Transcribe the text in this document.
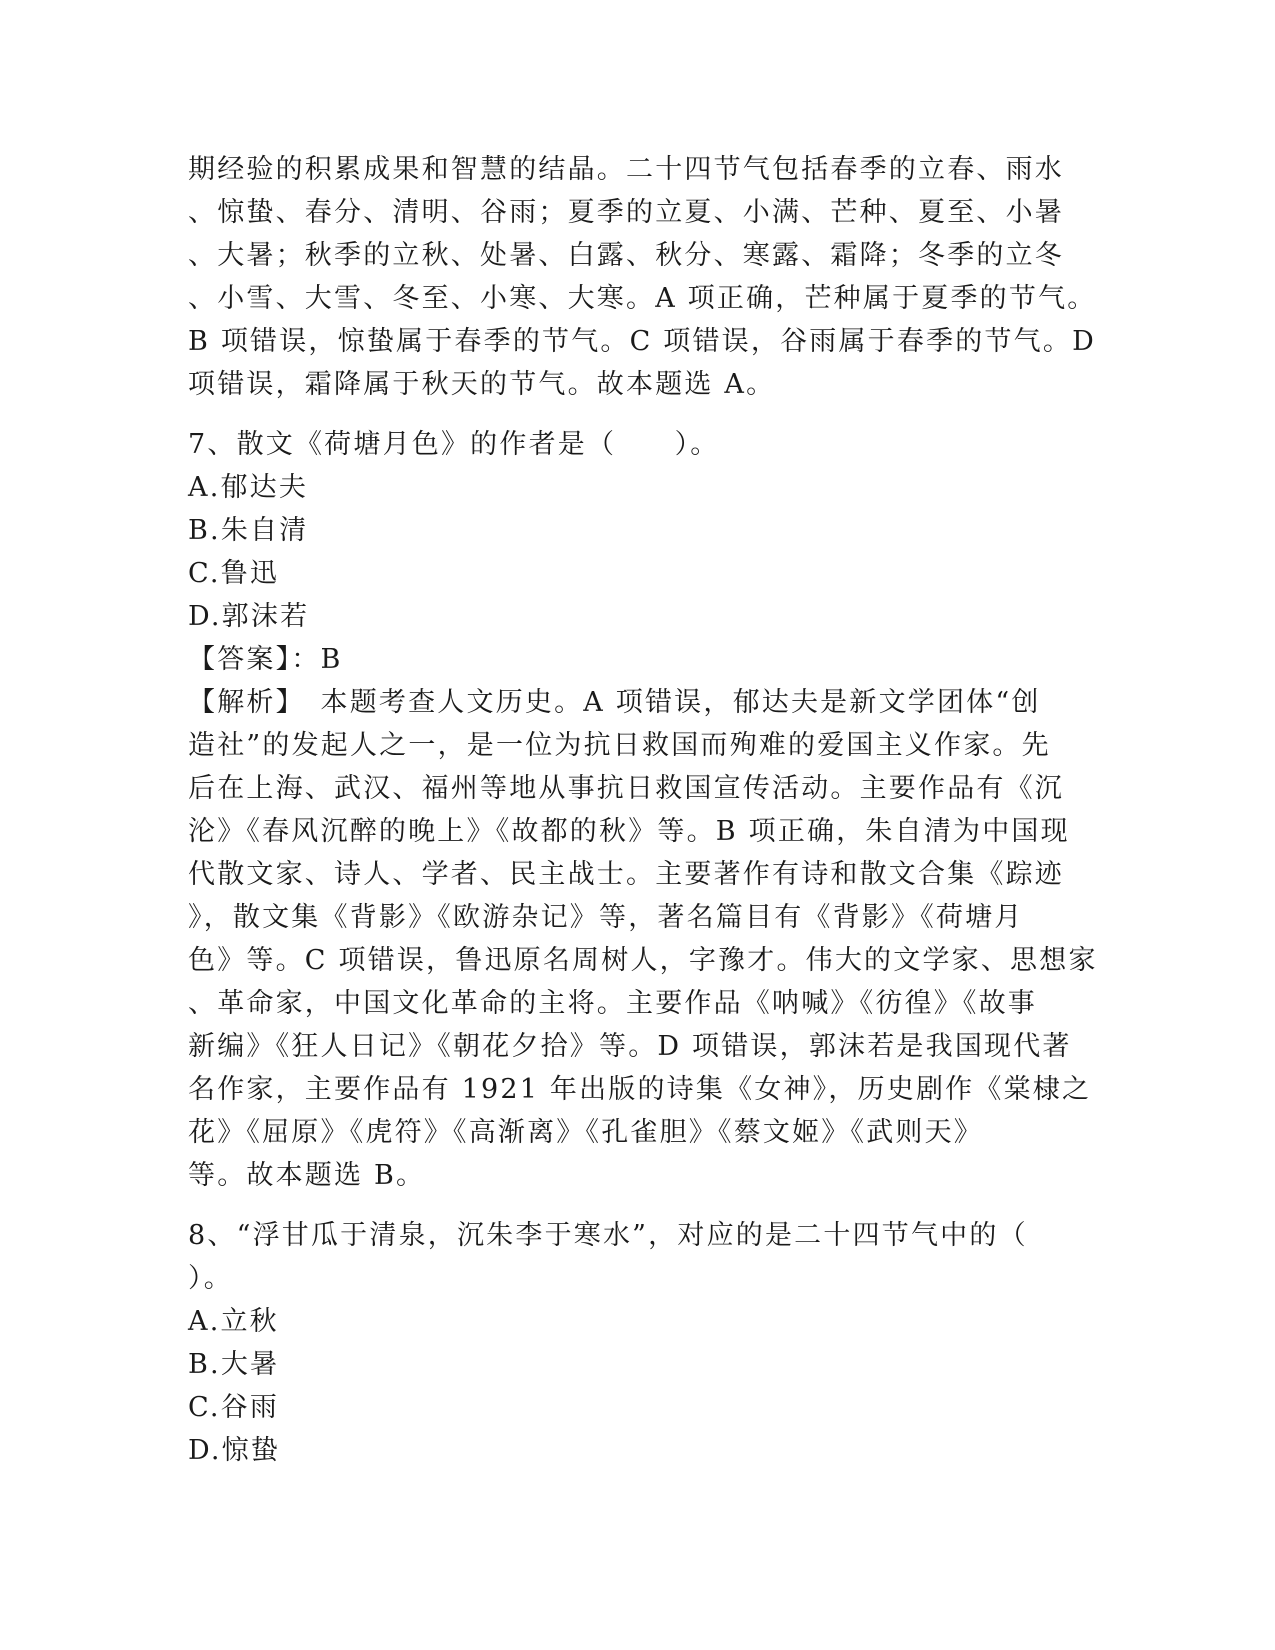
期经验的积累成果和智慧的结晶。二十四节气包括春季的立春、雨水

、惊蛰、春分、清明、谷雨；夏季的立夏、小满、芒种、夏至、小暑

、大暑；秋季的立秋、处暑、白露、秋分、寒露、霜降；冬季的立冬

、小雪、大雪、冬至、小寒、大寒。A 项正确，芒种属于夏季的节气。

B 项错误，惊蛰属于春季的节气。C 项错误，谷雨属于春季的节气。D

项错误，霜降属于秋天的节气。故本题选 A。

7、散文《荷塘月色》的作者是（　　）。

A.郁达夫

B.朱自清

C.鲁迅

D.郭沫若

【答案】：B

【解析】　本题考查人文历史。A 项错误，郁达夫是新文学团体“创

造社”的发起人之一，是一位为抗日救国而殉难的爱国主义作家。先

后在上海、武汉、福州等地从事抗日救国宣传活动。主要作品有《沉

沦》《春风沉醉的晚上》《故都的秋》等。B 项正确，朱自清为中国现

代散文家、诗人、学者、民主战士。主要著作有诗和散文合集《踪迹

》，散文集《背影》《欧游杂记》等，著名篇目有《背影》《荷塘月

色》等。C 项错误，鲁迅原名周树人，字豫才。伟大的文学家、思想家

、革命家，中国文化革命的主将。主要作品《呐喊》《彷徨》《故事

新编》《狂人日记》《朝花夕拾》等。D 项错误，郭沫若是我国现代著

名作家，主要作品有 1921 年出版的诗集《女神》，历史剧作《棠棣之

花》《屈原》《虎符》《高渐离》《孔雀胆》《蔡文姬》《武则天》

等。故本题选 B。

8、“浮甘瓜于清泉，沉朱李于寒水”，对应的是二十四节气中的（

）。

A.立秋

B.大暑

C.谷雨

D.惊蛰
